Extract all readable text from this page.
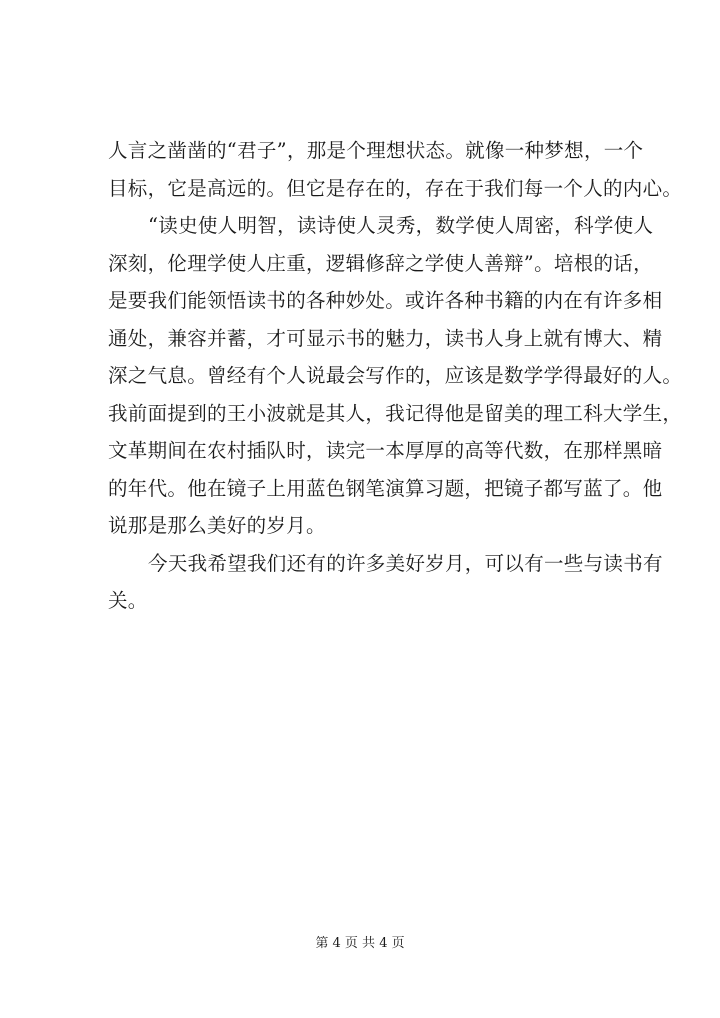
人言之凿凿的“君子”，那是个理想状态。就像一种梦想，一个
目标，它是高远的。但它是存在的，存在于我们每一个人的内心。
“读史使人明智，读诗使人灵秀，数学使人周密，科学使人
深刻，伦理学使人庄重，逻辑修辞之学使人善辩”。培根的话，
是要我们能领悟读书的各种妙处。或许各种书籍的内在有许多相
通处，兼容并蓄，才可显示书的魅力，读书人身上就有博大、精
深之气息。曾经有个人说最会写作的，应该是数学学得最好的人。
我前面提到的王小波就是其人，我记得他是留美的理工科大学生，
文革期间在农村插队时，读完一本厚厚的高等代数，在那样黑暗
的年代。他在镜子上用蓝色钢笔演算习题，把镜子都写蓝了。他
说那是那么美好的岁月。
今天我希望我们还有的许多美好岁月，可以有一些与读书有
关。
第 4 页 共 4 页
